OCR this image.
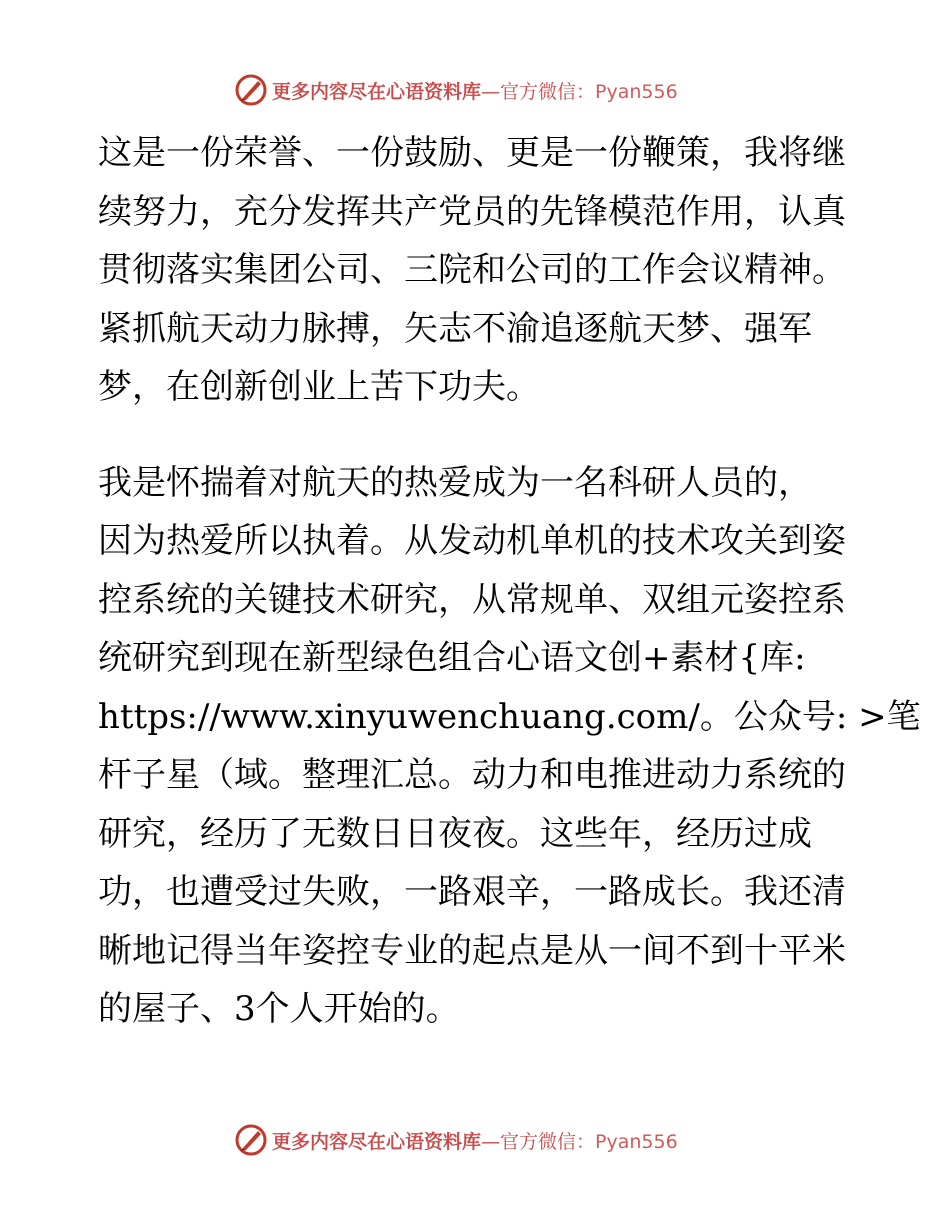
更多内容尽在心语资料库—官方微信：Pyan556

这是一份荣誉、一份鼓励、更是一份鞭策，我将继
续努力，充分发挥共产党员的先锋模范作用，认真
贯彻落实集团公司、三院和公司的工作会议精神。
紧抓航天动力脉搏，矢志不渝追逐航天梦、强军
梦，在创新创业上苦下功夫。

我是怀揣着对航天的热爱成为一名科研人员的，
因为热爱所以执着。从发动机单机的技术攻关到姿
控系统的关键技术研究，从常规单、双组元姿控系
统研究到现在新型绿色组合心语文创+素材{库:
https://www.xinyuwenchuang.com/。公众号: >笔
杆子星（域。整理汇总。动力和电推进动力系统的
研究，经历了无数日日夜夜。这些年，经历过成
功，也遭受过失败，一路艰辛，一路成长。我还清
晰地记得当年姿控专业的起点是从一间不到十平米
的屋子、3个人开始的。

更多内容尽在心语资料库—官方微信：Pyan556
